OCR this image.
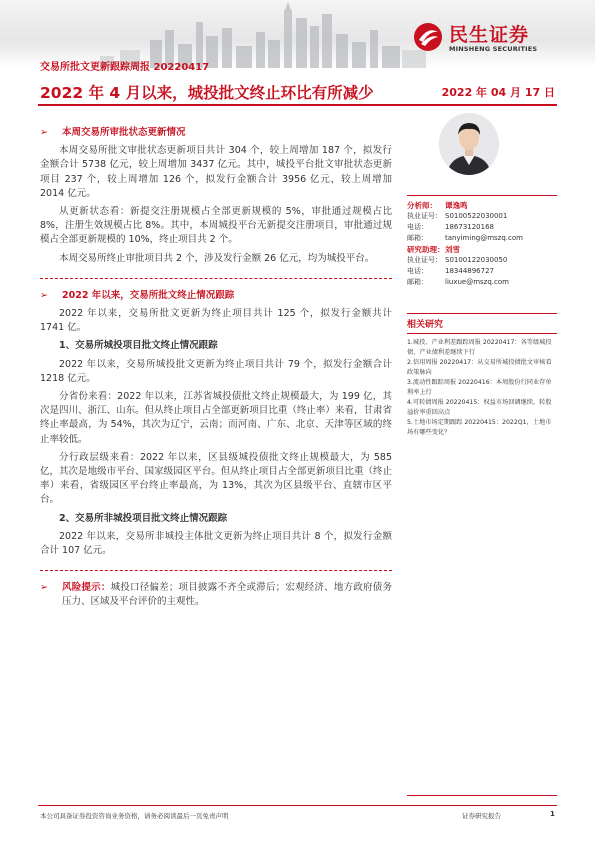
民生证券
MINSHENG SECURITIES
交易所批文更新跟踪周报 20220417
2022 年 4 月以来，城投批文终止环比有所减少	2022 年 04 月 17 日
➢ 本周交易所审批状态更新情况

本周交易所批文审批状态更新项目共计 304 个，较上周增加 187 个，拟发行金额合计 5738 亿元，较上周增加 3437 亿元。其中，城投平台批文审批状态更新项目 237 个，较上周增加 126 个，拟发行金额合计 3956 亿元，较上周增加 2014 亿元。

从更新状态看：新提交注册规模占全部更新规模的 5%，审批通过规模占比 8%，注册生效规模占比 8%。其中，本周城投平台无新提交注册项目，审批通过规模占全部更新规模的 10%，终止项目共 2 个。

本周交易所终止审批项目共 2 个，涉及发行金额 26 亿元，均为城投平台。

➢ 2022 年以来，交易所批文终止情况跟踪

2022 年以来，交易所批文更新为终止项目共计 125 个，拟发行金额共计 1741 亿。

1、交易所城投项目批文终止情况跟踪

2022 年以来，交易所城投批文更新为终止项目共计 79 个，拟发行金额合计 1218 亿元。

分省份来看：2022 年以来，江苏省城投债批文终止规模最大，为 199 亿，其次是四川、浙江、山东。但从终止项目占全部更新项目比重（终止率）来看，甘肃省终止率最高，为 54%，其次为辽宁，云南；而河南、广东、北京、天津等区域的终止率较低。

分行政层级来看：2022 年以来，区县级城投债批文终止规模最大，为 585 亿，其次是地级市平台、国家级园区平台。但从终止项目占全部更新项目比重（终止率）来看，省级园区平台终止率最高，为 13%，其次为区县级平台、直辖市区平台。

2、交易所非城投项目批文终止情况跟踪

2022 年以来，交易所非城投主体批文更新为终止项目共计 8 个，拟发行金额合计 107 亿元。

➢ 风险提示：城投口径偏差；项目披露不齐全或滞后；宏观经济、地方政府债务压力、区域及平台评价的主观性。
分析师：	谭逸鸣
执业证号： S0100522030001
电话：	18673120168
邮箱：	tanyiming@mszq.com
研究助理： 刘雪
执业证号： S0100122030050
电话：	18344896727
邮箱：	liuxue@mszq.com
相关研究
1.城投、产业利差跟踪周报 20220417：各等级城投债、产业债利差继续下行
2.信用周报 20220417：从交易所城投债批文审核看政策脉向
3.流动性跟踪周报 20220416：本周股份行同业存单利率上行
4.可转债周报 20220415：权益市场回调继续，转股溢价率重回高点
5.土地市场定期跟踪 20220415：2022Q1，土地市场有哪些变化？
本公司具备证券投资咨询业务资格，请务必阅读最后一页免责声明	证券研究报告	1
